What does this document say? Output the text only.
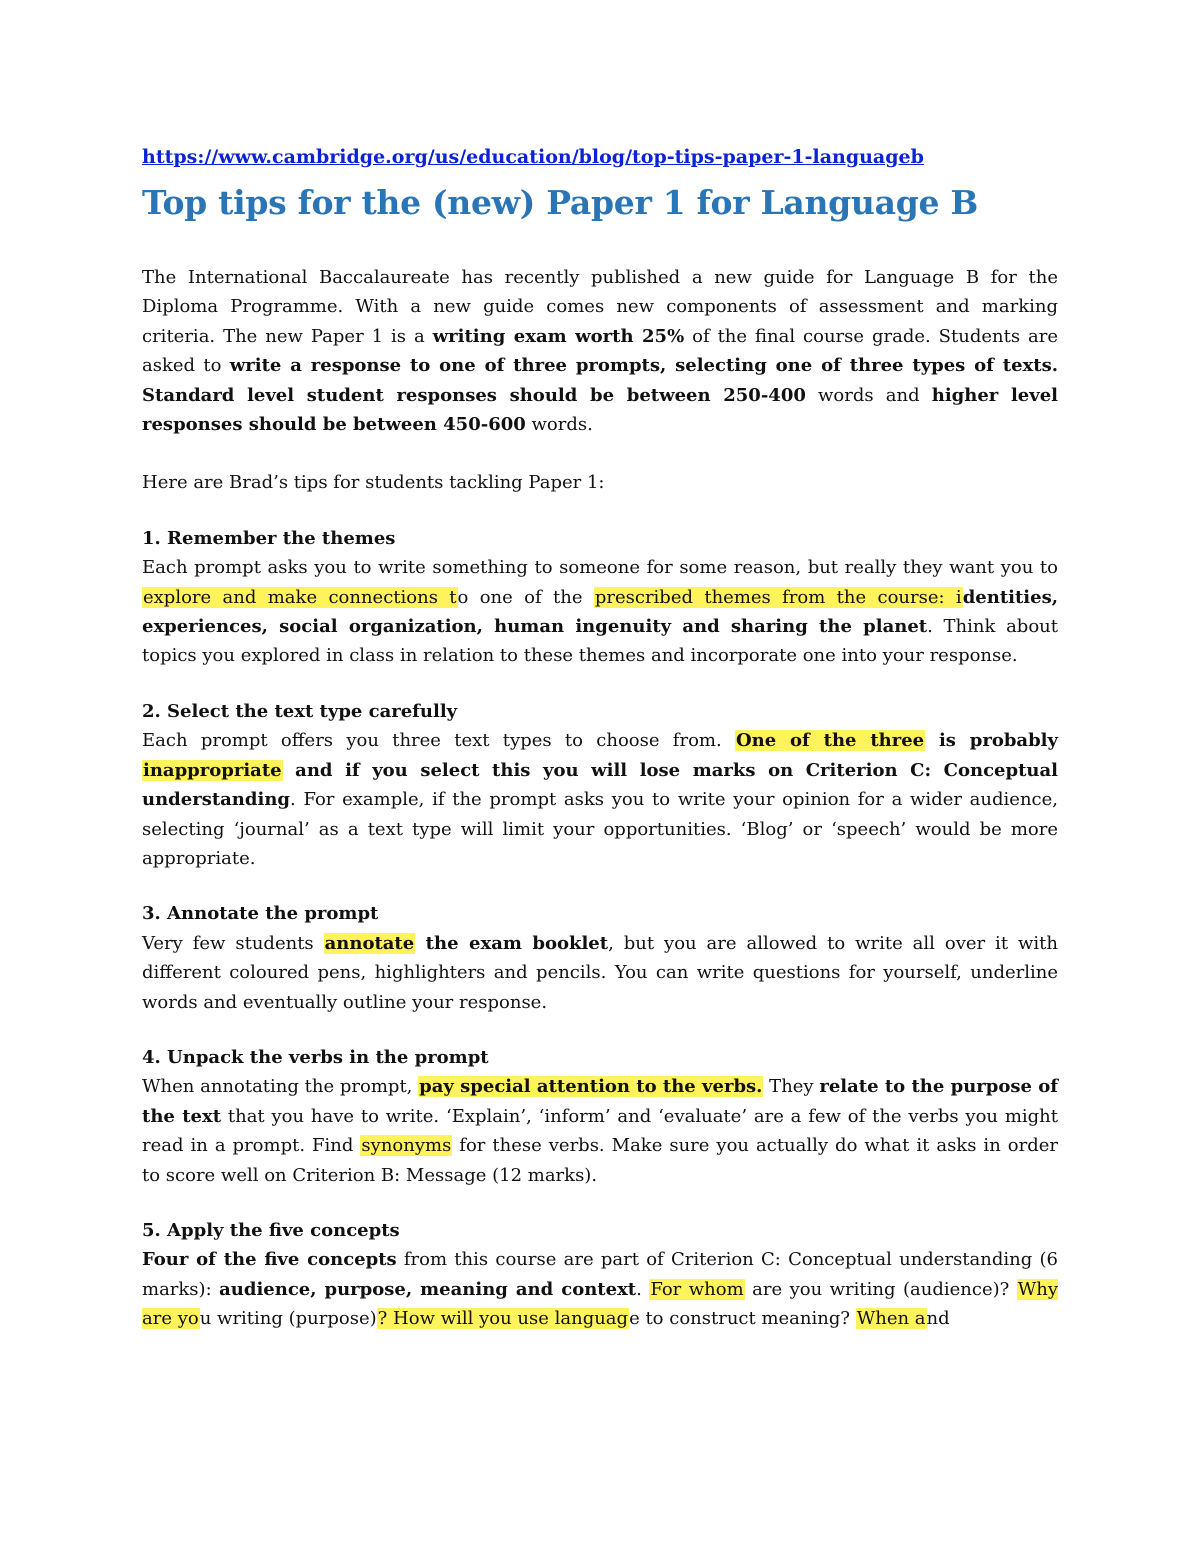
https://www.cambridge.org/us/education/blog/top-tips-paper-1-languageb
Top tips for the (new) Paper 1 for Language B

The International Baccalaureate has recently published a new guide for Language B for the Diploma Programme. With a new guide comes new components of assessment and marking criteria. The new Paper 1 is a writing exam worth 25% of the final course grade. Students are asked to write a response to one of three prompts, selecting one of three types of texts. Standard level student responses should be between 250-400 words and higher level responses should be between 450-600 words.

Here are Brad’s tips for students tackling Paper 1:

1. Remember the themes

Each prompt asks you to write something to someone for some reason, but really they want you to explore and make connections to one of the prescribed themes from the course: identities, experiences, social organization, human ingenuity and sharing the planet. Think about topics you explored in class in relation to these themes and incorporate one into your response.

2. Select the text type carefully

Each prompt offers you three text types to choose from. One of the three is probably inappropriate and if you select this you will lose marks on Criterion C: Conceptual understanding. For example, if the prompt asks you to write your opinion for a wider audience, selecting ‘journal’ as a text type will limit your opportunities. ‘Blog’ or ‘speech’ would be more appropriate.

3. Annotate the prompt

Very few students annotate the exam booklet, but you are allowed to write all over it with different coloured pens, highlighters and pencils. You can write questions for yourself, underline words and eventually outline your response.

4. Unpack the verbs in the prompt

When annotating the prompt, pay special attention to the verbs. They relate to the purpose of the text that you have to write. ‘Explain’, ‘inform’ and ‘evaluate’ are a few of the verbs you might read in a prompt. Find synonyms for these verbs. Make sure you actually do what it asks in order to score well on Criterion B: Message (12 marks).

5. Apply the five concepts

Four of the five concepts from this course are part of Criterion C: Conceptual understanding (6 marks): audience, purpose, meaning and context. For whom are you writing (audience)? Why are you writing (purpose)? How will you use language to construct meaning? When and
